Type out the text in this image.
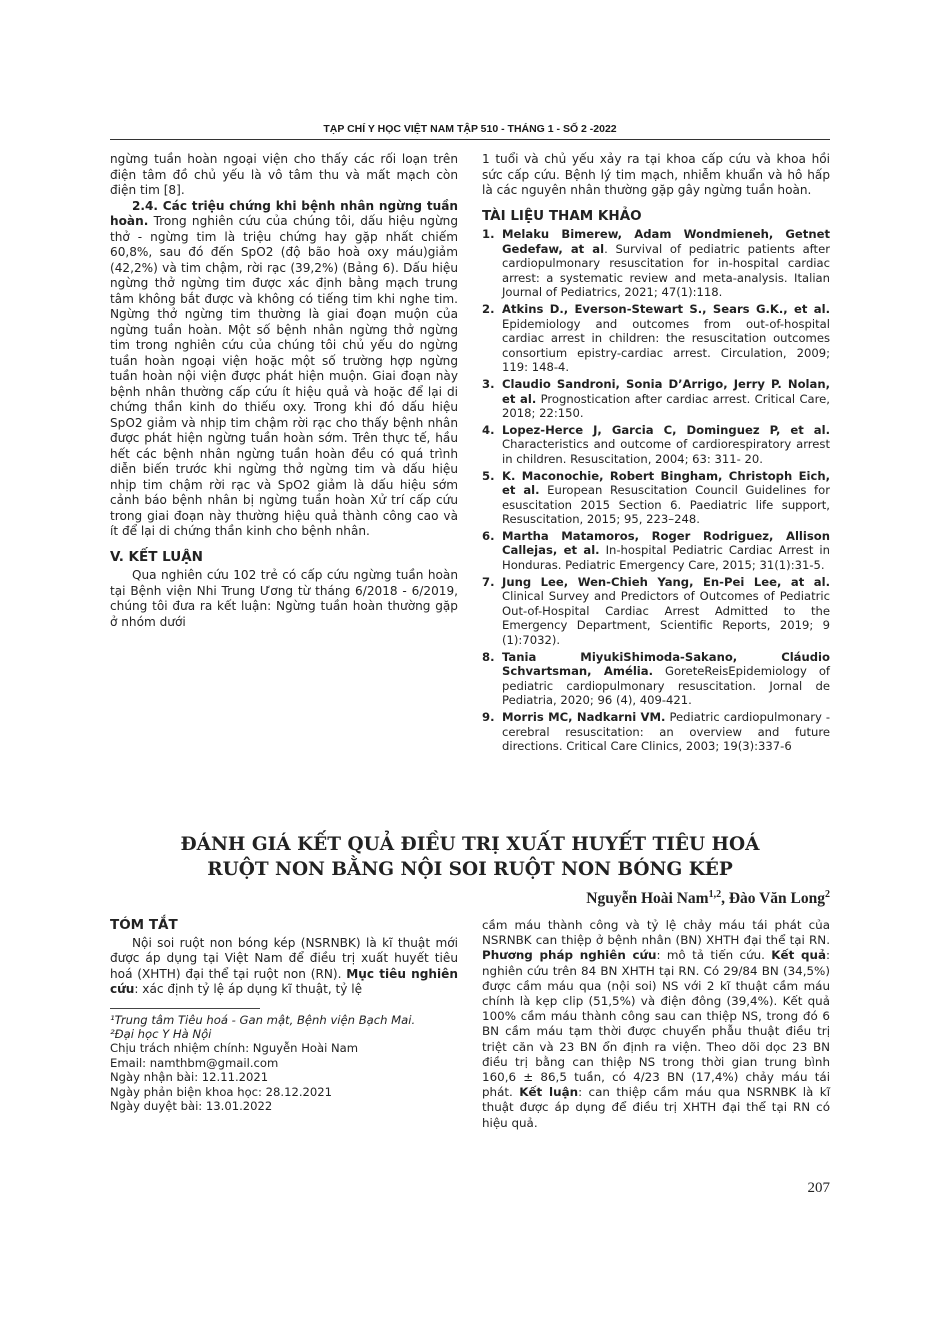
TẠP CHÍ Y HỌC VIỆT NAM TẬP 510 - THÁNG 1 - SỐ 2 -2022

ngừng tuần hoàn ngoại viện cho thấy các rối loạn trên điện tâm đồ chủ yếu là vô tâm thu và mất mạch còn điện tim [8].

2.4. Các triệu chứng khi bệnh nhân ngừng tuần hoàn. Trong nghiên cứu của chúng tôi, dấu hiệu ngừng thở - ngừng tim là triệu chứng hay gặp nhất chiếm 60,8%, sau đó đến SpO2 (độ bão hoà oxy máu)giảm (42,2%) và tim chậm, rời rạc (39,2%) (Bảng 6). Dấu hiệu ngừng thở ngừng tim được xác định bằng mạch trung tâm không bắt được và không có tiếng tim khi nghe tim. Ngừng thở ngừng tim thường là giai đoạn muộn của ngừng tuần hoàn. Một số bệnh nhân ngừng thở ngừng tim trong nghiên cứu của chúng tôi chủ yếu do ngừng tuần hoàn ngoại viện hoặc một số trường hợp ngừng tuần hoàn nội viện được phát hiện muộn. Giai đoạn này bệnh nhân thường cấp cứu ít hiệu quả và hoặc để lại di chứng thần kinh do thiếu oxy. Trong khi đó dấu hiệu SpO2 giảm và nhịp tim chậm rời rạc cho thấy bệnh nhân được phát hiện ngừng tuần hoàn sớm. Trên thực tế, hầu hết các bệnh nhân ngừng tuần hoàn đều có quá trình diễn biến trước khi ngừng thở ngừng tim và dấu hiệu nhịp tim chậm rời rạc và SpO2 giảm là dấu hiệu sớm cảnh báo bệnh nhân bị ngừng tuần hoàn Xử trí cấp cứu trong giai đoạn này thường hiệu quả thành công cao và ít để lại di chứng thần kinh cho bệnh nhân.

V. KẾT LUẬN

Qua nghiên cứu 102 trẻ có cấp cứu ngừng tuần hoàn tại Bệnh viện Nhi Trung Ương từ tháng 6/2018 - 6/2019, chúng tôi đưa ra kết luận: Ngừng tuần hoàn thường gặp ở nhóm dưới

1 tuổi và chủ yếu xảy ra tại khoa cấp cứu và khoa hồi sức cấp cứu. Bệnh lý tim mạch, nhiễm khuẩn và hô hấp là các nguyên nhân thường gặp gây ngừng tuần hoàn.

TÀI LIỆU THAM KHẢO
1. Melaku Bimerew, Adam Wondmieneh, Getnet Gedefaw, at al. Survival of pediatric patients after cardiopulmonary resuscitation for in-hospital cardiac arrest: a systematic review and meta-analysis. Italian Journal of Pediatrics, 2021; 47(1):118.
2. Atkins D., Everson-Stewart S., Sears G.K., et al. Epidemiology and outcomes from out-of-hospital cardiac arrest in children: the resuscitation outcomes consortium epistry-cardiac arrest. Circulation, 2009; 119: 148-4.
3. Claudio Sandroni, Sonia D’Arrigo, Jerry P. Nolan, et al. Prognostication after cardiac arrest. Critical Care, 2018; 22:150.
4. Lopez-Herce J, Garcia C, Dominguez P, et al. Characteristics and outcome of cardiorespiratory arrest in children. Resuscitation, 2004; 63: 311- 20.
5. K. Maconochie, Robert Bingham, Christoph Eich, et al. European Resuscitation Council Guidelines for esuscitation 2015 Section 6. Paediatric life support, Resuscitation, 2015; 95, 223–248.
6. Martha Matamoros, Roger Rodriguez, Allison Callejas, et al. In-hospital Pediatric Cardiac Arrest in Honduras. Pediatric Emergency Care, 2015; 31(1):31-5.
7. Jung Lee, Wen-Chieh Yang, En-Pei Lee, at al. Clinical Survey and Predictors of Outcomes of Pediatric Out-of-Hospital Cardiac Arrest Admitted to the Emergency Department, Scientific Reports, 2019; 9 (1):7032).
8. Tania MiyukiShimoda-Sakano, Cláudio Schvartsman, Amélia. GoreteReisEpidemiology of pediatric cardiopulmonary resuscitation. Jornal de Pediatria, 2020; 96 (4), 409-421.
9. Morris MC, Nadkarni VM. Pediatric cardiopulmonary -cerebral resuscitation: an overview and future directions. Critical Care Clinics, 2003; 19(3):337-6
ĐÁNH GIÁ KẾT QUẢ ĐIỀU TRỊ XUẤT HUYẾT TIÊU HOÁ
RUỘT NON BẰNG NỘI SOI RUỘT NON BÓNG KÉP
Nguyễn Hoài Nam$^{1,2}$, Đào Văn Long$^2$
TÓM TẮT

Nội soi ruột non bóng kép (NSRNBK) là kĩ thuật mới được áp dụng tại Việt Nam để điều trị xuất huyết tiêu hoá (XHTH) đại thể tại ruột non (RN). Mục tiêu nghiên cứu: xác định tỷ lệ áp dụng kĩ thuật, tỷ lệ

¹Trung tâm Tiêu hoá - Gan mật, Bệnh viện Bạch Mai.
²Đại học Y Hà Nội
Chịu trách nhiệm chính: Nguyễn Hoài Nam
Email: namthbm@gmail.com
Ngày nhận bài: 12.11.2021
Ngày phản biện khoa học: 28.12.2021
Ngày duyệt bài: 13.01.2022

cầm máu thành công và tỷ lệ chảy máu tái phát của NSRNBK can thiệp ở bệnh nhân (BN) XHTH đại thể tại RN. Phương pháp nghiên cứu: mô tả tiến cứu. Kết quả: nghiên cứu trên 84 BN XHTH tại RN. Có 29/84 BN (34,5%) được cầm máu qua (nội soi) NS với 2 kĩ thuật cầm máu chính là kẹp clip (51,5%) và điện đông (39,4%). Kết quả 100% cầm máu thành công sau can thiệp NS, trong đó 6 BN cầm máu tạm thời được chuyển phẫu thuật điều trị triệt căn và 23 BN ổn định ra viện. Theo dõi dọc 23 BN điều trị bằng can thiệp NS trong thời gian trung bình 160,6 ± 86,5 tuần, có 4/23 BN (17,4%) chảy máu tái phát. Kết luận: can thiệp cầm máu qua NSRNBK là kĩ thuật được áp dụng để điều trị XHTH đại thể tại RN có hiệu quả.

207
